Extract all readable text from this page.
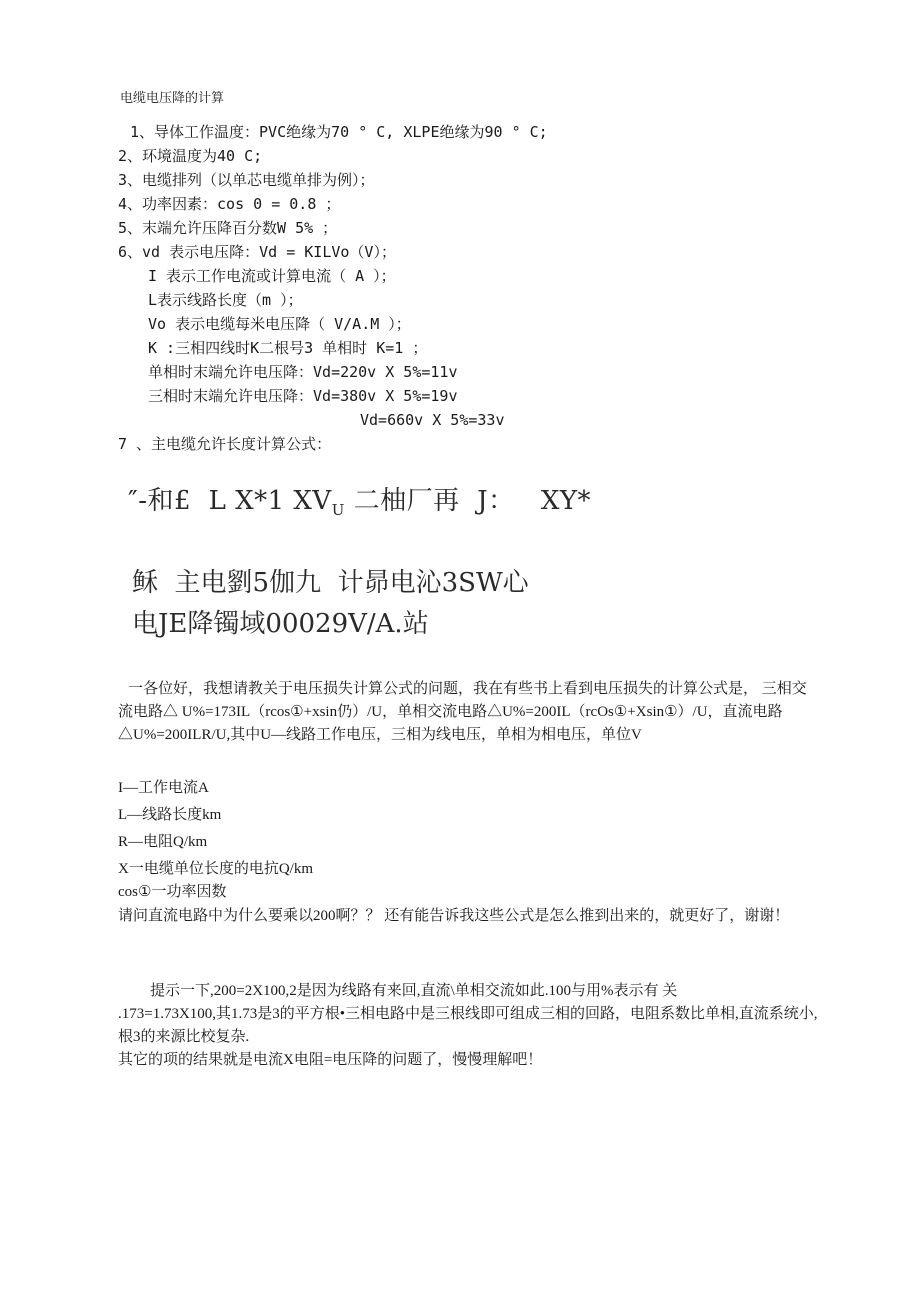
电缆电压降的计算
1、导体工作温度：PVC绝缘为70 ° C, XLPE绝缘为90 ° C;
2、环境温度为40 C;
3、电缆排列（以单芯电缆单排为例）；
4、功率因素：cos 0 = 0.8 ；
5、末端允许压降百分数W 5% ；
6、vd 表示电压降：Vd = KILVo（V）；
I 表示工作电流或计算电流（ A ）；
L表示线路长度（m ）；
Vo 表示电缆每米电压降（ V/A.M ）；
K :三相四线时K二根号3 单相时 K=1 ；
单相时末端允许电压降：Vd=220v X 5%=11v
三相时末端允许电压降：Vd=380v X 5%=19v
Vd=660v X 5%=33v
7 、主电缆允许长度计算公式：
″-和£  L X*1 $XV_U$ 二柚厂再  J：   XY*
稣  主电劉5伽九  计昴电沁3SW心
电JE降镯域00029V/A.站
一各位好，我想请教关于电压损失计算公式的问题，我在有些书上看到电压损失的计算公式是， 三相交流电路△ U%=173IL（rcos①+xsin仍）/U，单相交流电路△U%=200IL（rcOs①+Xsin①）/U，直流电路 △U%=200ILR/U,其中U—线路工作电压，三相为线电压，单相为相电压，单位V
I—工作电流A
L—线路长度km
R—电阻Q/km
X一电缆单位长度的电抗Q/km
cos①一功率因数
请问直流电路中为什么要乘以200啊？？ 还有能告诉我这些公式是怎么推到出来的，就更好了，谢谢！
提示一下,200=2X100,2是因为线路有来回,直流\单相交流如此.100与用%表示有 关
.173=1.73X100,其1.73是3的平方根•三相电路中是三根线即可组成三相的回路，电阻系数比单相,直流系统小,根3的来源比校复杂.
其它的项的结果就是电流X电阻=电压降的问题了，慢慢理解吧！
